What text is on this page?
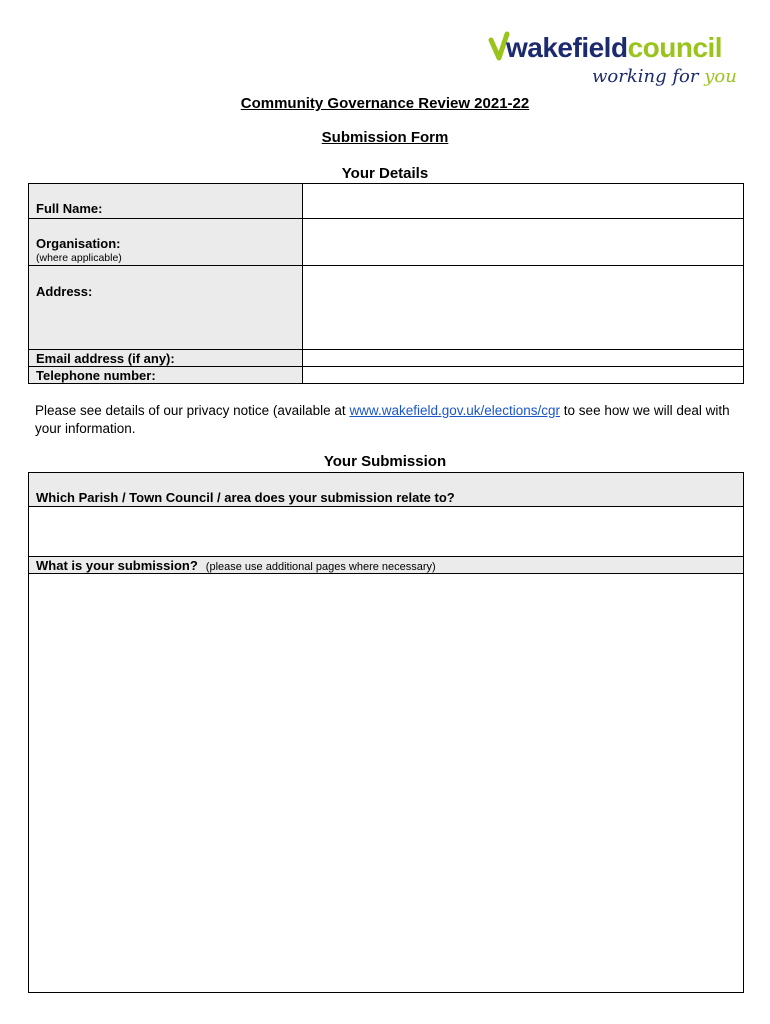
wakefieldcouncil
working for you
Community Governance Review 2021-22
Submission Form
Your Details
Full Name:	
Organisation:
(where applicable)	

Address:	
Email address (if any):	
Telephone number:	
Please see details of our privacy notice (available at www.wakefield.gov.uk/elections/cgr to see how we will deal with your information.
Your Submission
Which Parish / Town Council / area does your submission relate to?

What is your submission? (please use additional pages where necessary)
